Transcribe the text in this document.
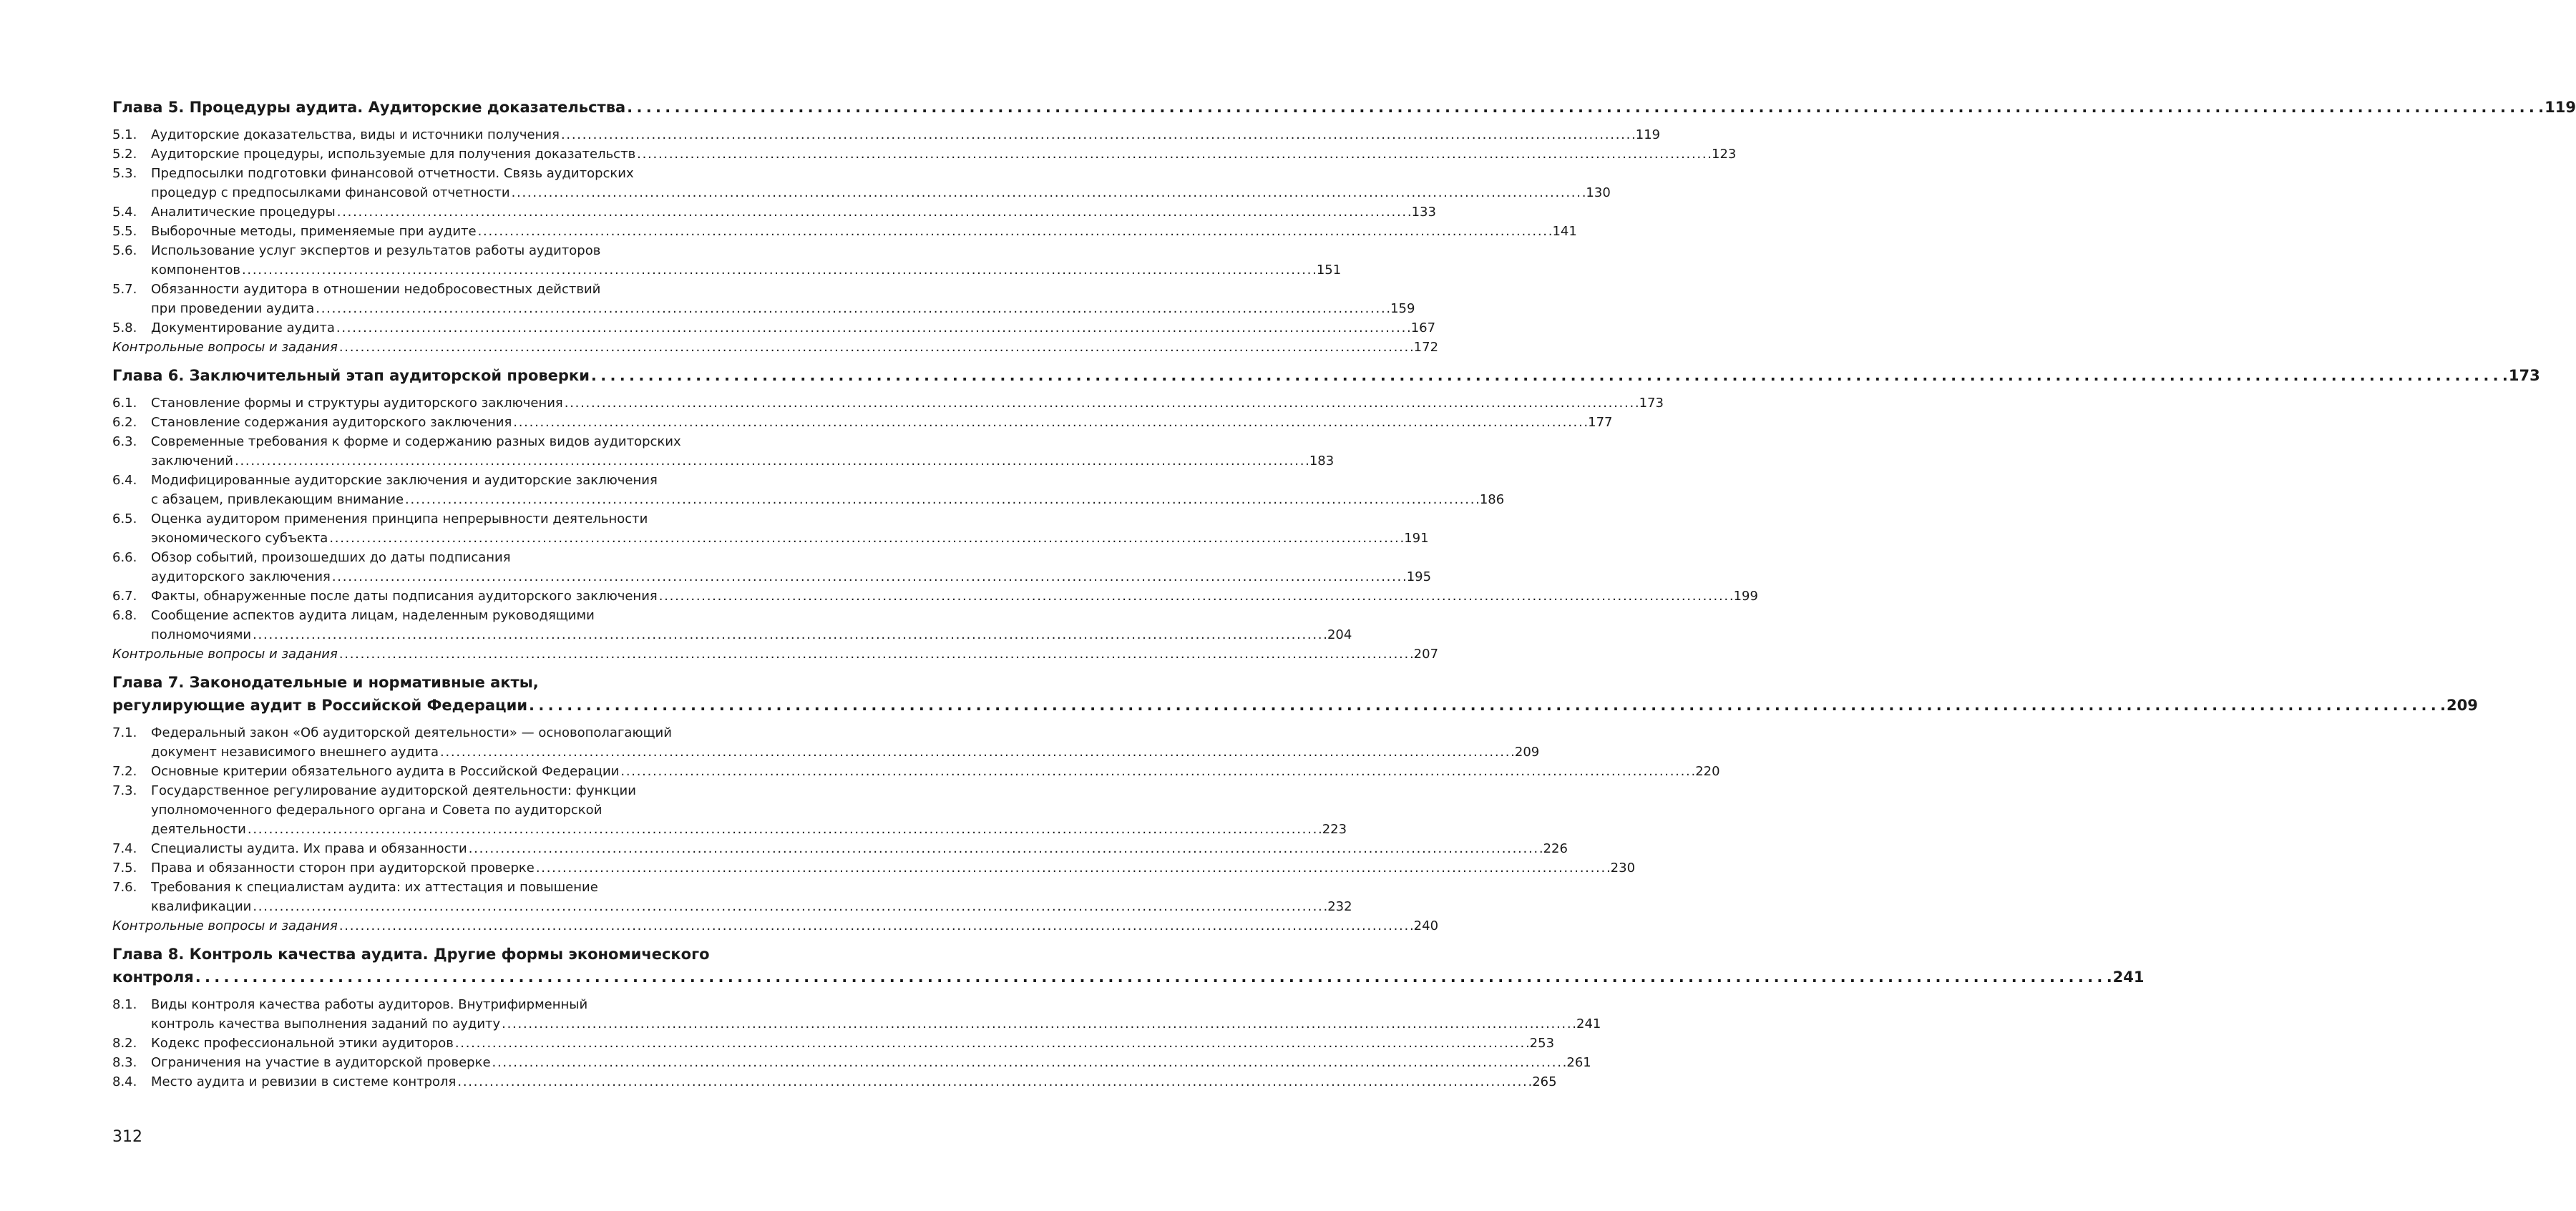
Глава 5. Процедуры аудита. Аудиторские доказательства . . .	119
5.1.	Аудиторские доказательства, виды и источники получения . . .	119
5.2.	Аудиторские процедуры, используемые для получения доказательств . . .	123
5.3.	Предпосылки подготовки финансовой отчетности. Связь аудиторских
процедур с предпосылками финансовой отчетности . . .	130
5.4.	Аналитические процедуры . . .	133
5.5.	Выборочные методы, применяемые при аудите . . .	141
5.6.	Использование услуг экспертов и результатов работы аудиторов
компонентов . . .	151
5.7.	Обязанности аудитора в отношении недобросовестных действий
при проведении аудита . . .	159
5.8.	Документирование аудита . . .	167
Контрольные вопросы и задания . . .	172
Глава 6. Заключительный этап аудиторской проверки . . .	173
6.1.	Становление формы и структуры аудиторского заключения . . .	173
6.2.	Становление содержания аудиторского заключения . . .	177
6.3.	Современные требования к форме и содержанию разных видов аудиторских
заключений . . .	183
6.4.	Модифицированные аудиторские заключения и аудиторские заключения
с абзацем, привлекающим внимание . . .	186
6.5.	Оценка аудитором применения принципа непрерывности деятельности
экономического субъекта . . .	191
6.6.	Обзор событий, произошедших до даты подписания
аудиторского заключения . . .	195
6.7.	Факты, обнаруженные после даты подписания аудиторского заключения . . .	199
6.8.	Сообщение аспектов аудита лицам, наделенным руководящими
полномочиями . . .	204
Контрольные вопросы и задания . . .	207
Глава 7. Законодательные и нормативные акты,
регулирующие аудит в Российской Федерации . . .	209
7.1.	Федеральный закон «Об аудиторской деятельности» — основополагающий
документ независимого внешнего аудита . . .	209
7.2.	Основные критерии обязательного аудита в Российской Федерации . . .	220
7.3.	Государственное регулирование аудиторской деятельности: функции
уполномоченного федерального органа и Совета по аудиторской
деятельности . . .	223
7.4.	Специалисты аудита. Их права и обязанности . . .	226
7.5.	Права и обязанности сторон при аудиторской проверке . . .	230
7.6.	Требования к специалистам аудита: их аттестация и повышение
квалификации . . .	232
Контрольные вопросы и задания . . .	240
Глава 8. Контроль качества аудита. Другие формы экономического
контроля . . .	241
8.1.	Виды контроля качества работы аудиторов. Внутрифирменный
контроль качества выполнения заданий по аудиту . . .	241
8.2.	Кодекс профессиональной этики аудиторов . . .	253
8.3.	Ограничения на участие в аудиторской проверке . . .	261
8.4.	Место аудита и ревизии в системе контроля . . .	265
312
